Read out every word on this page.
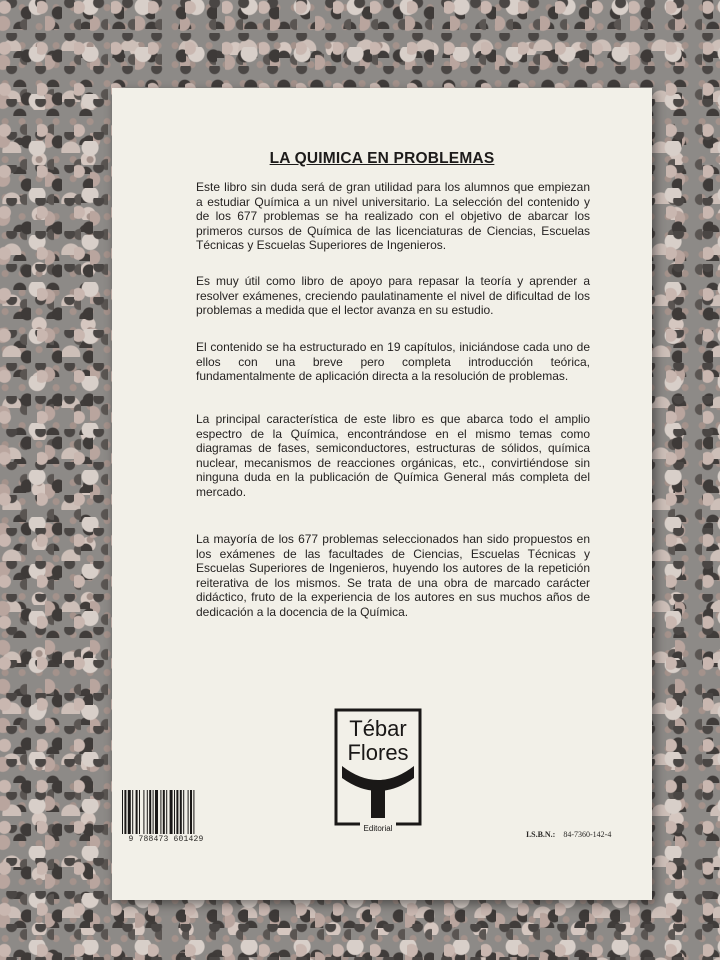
LA QUIMICA EN PROBLEMAS

Este libro sin duda será de gran utilidad para los alumnos que empiezan a estudiar Química a un nivel universitario. La selección del contenido y de los 677 problemas se ha realizado con el objetivo de abarcar los primeros cursos de Química de las licenciaturas de Ciencias, Escuelas Técnicas y Escuelas Superiores de Ingenieros.

Es muy útil como libro de apoyo para repasar la teoría y aprender a resolver exámenes, creciendo paulatinamente el nivel de dificultad de los problemas a medida que el lector avanza en su estudio.

El contenido se ha estructurado en 19 capítulos, iniciándose cada uno de ellos con una breve pero completa introducción teórica, fundamentalmente de aplicación directa a la resolución de problemas.

La principal característica de este libro es que abarca todo el amplio espectro de la Química, encontrándose en el mismo temas como diagramas de fases, semiconductores, estructuras de sólidos, química nuclear, mecanismos de reacciones orgánicas, etc., convirtiéndose sin ninguna duda en la publicación de Química General más completa del mercado.

La mayoría de los 677 problemas seleccionados han sido propuestos en los exámenes de las facultades de Ciencias, Escuelas Técnicas y Escuelas Superiores de Ingenieros, huyendo los autores de la repetición reiterativa de los mismos. Se trata de una obra de marcado carácter didáctico, fruto de la experiencia de los autores en sus muchos años de dedicación a la docencia de la Química.

Tébar
Flores
Editorial
9 788473 601429
I.S.B.N.: 84-7360-142-4
